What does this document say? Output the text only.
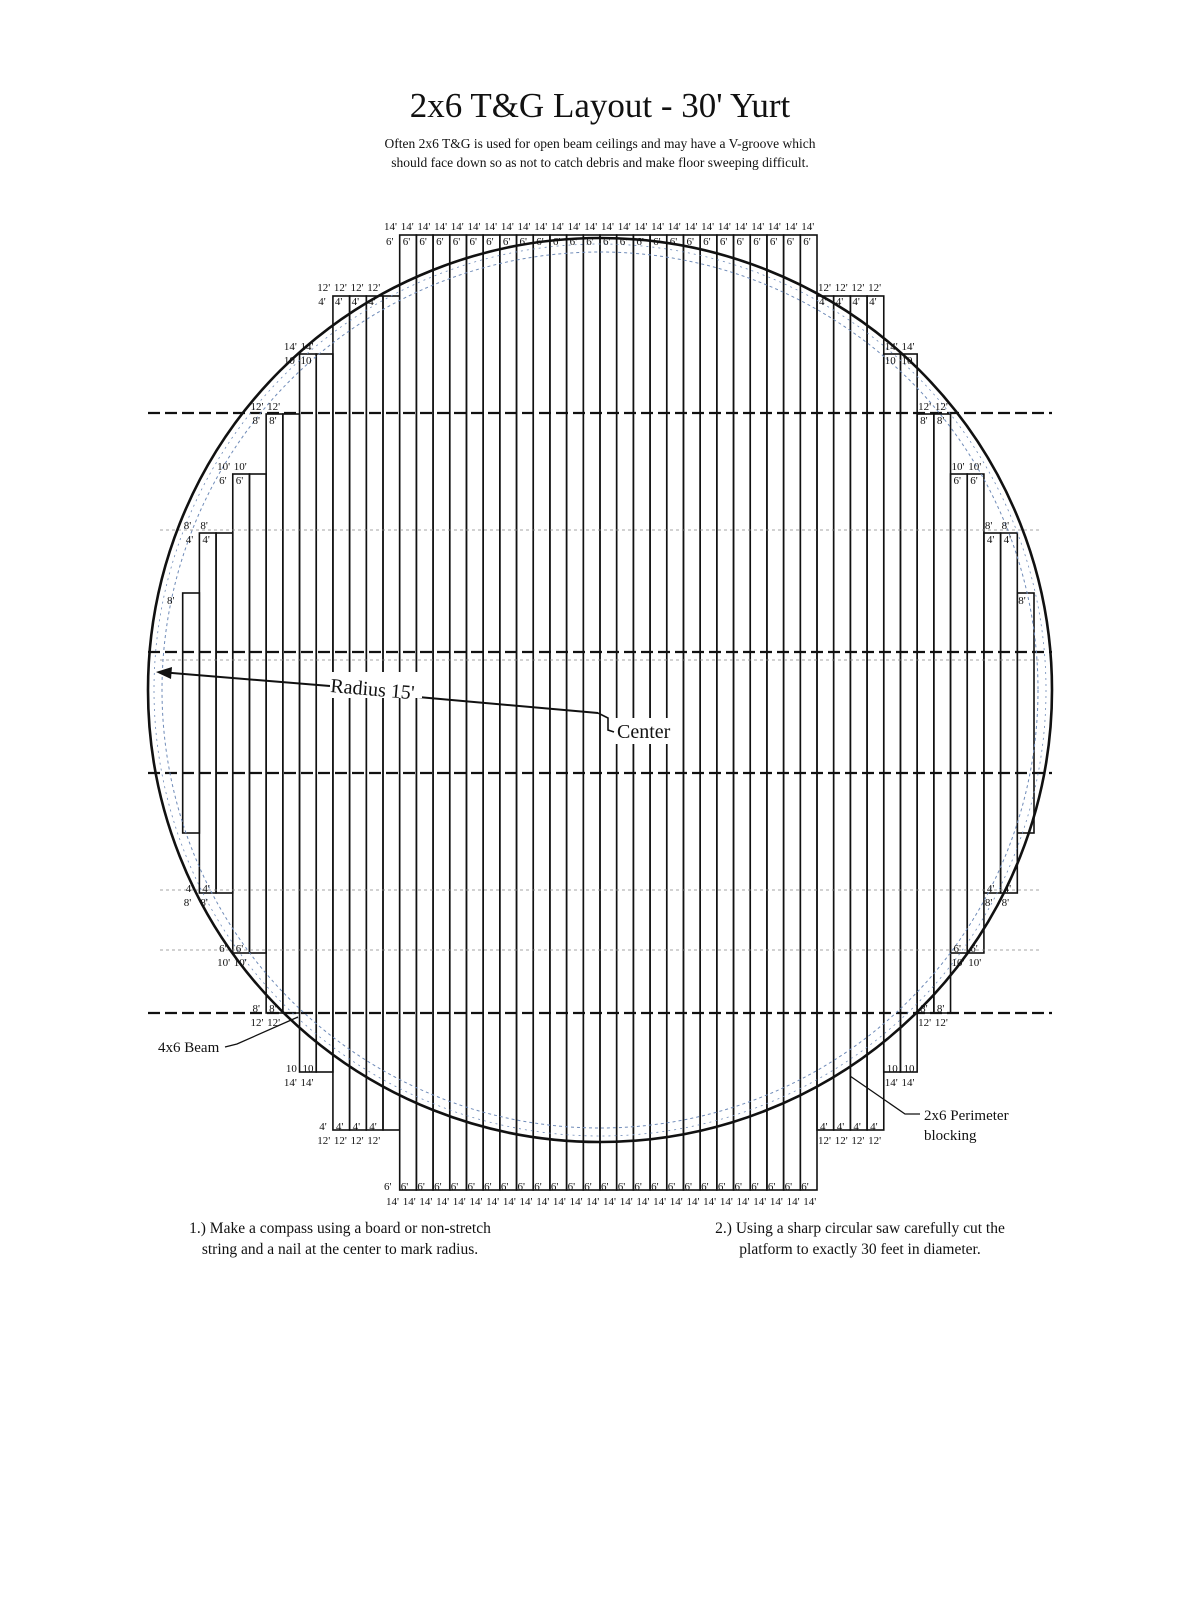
2x6 T&G Layout - 30' Yurt
Often 2x6 T&G is used for open beam ceilings and may have a V-groove which
should face down so as not to catch debris and make floor sweeping difficult.
14'
6'
6'
14'
14'
6'
6'
14'
14'
6'
6'
14'
14'
6'
6'
14'
14'
6'
6'
14'
14'
6'
6'
14'
14'
6'
6'
14'
14'
6'
6'
14'
14'
6'
6'
14'
14'
6'
6'
14'
14'
6'
6'
14'
14'
6'
6'
14'
14'
6'
6'
14'
14'
6'
6'
14'
14'
6'
6'
14'
14'
6'
6'
14'
14'
6'
6'
14'
14'
6'
6'
14'
14'
6'
6'
14'
14'
6'
6'
14'
14'
6'
6'
14'
14'
6'
6'
14'
14'
6'
6'
14'
14'
6'
6'
14'
14'
6'
6'
14'
14'
6'
6'
14'
12'
4'
4'
12'
12'
4'
4'
12'
12'
4'
4'
12'
12'
4'
4'
12'
12'
4'
4'
12'
12'
4'
4'
12'
12'
4'
4'
12'
12'
4'
4'
12'
14'
10
10
14'
14'
10
10
14'
14'
10
10
14'
14'
10
10
14'
12'
8'
8'
12'
12'
8'
8'
12'
12'
8'
8'
12'
12'
8'
8'
12'
10'
6'
6'
10'
10'
6'
6'
10'
10'
6'
6'
10'
10'
6'
6'
10'
8'
4'
4'
8'
8'
4'
4'
8'
8'
4'
4'
8'
8'
4'
4'
8'
8'	8'
Radius 15'
Center
4x6 Beam
2x6 Perimeter
blocking
1.) Make a compass using a board or non-stretch
string and a nail at the center to mark radius.
2.) Using a sharp circular saw carefully cut the
platform to exactly 30 feet in diameter.
